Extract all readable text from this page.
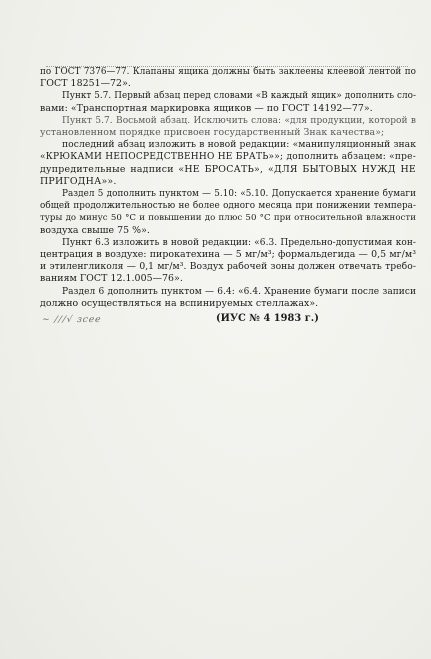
по ГОСТ 7376—77. Клапаны ящика должны быть заклеены клеевой лентой по
ГОСТ 18251—72».
Пункт 5.7. Первый абзац перед словами «В каждый ящик» дополнить сло-
вами: «Транспортная маркировка ящиков — по ГОСТ 14192—77».
Пункт 5.7. Восьмой абзац. Исключить слова: «для продукции, которой в
установленном порядке присвоен государственный Знак качества»;
последний абзац изложить в новой редакции: «манипуляционный знак
«КРЮКАМИ НЕПОСРЕДСТВЕННО НЕ БРАТЬ»»; дополнить абзацем: «пре-
дупредительные надписи «НЕ БРОСАТЬ», «ДЛЯ БЫТОВЫХ НУЖД НЕ
ПРИГОДНА»».
Раздел 5 дополнить пунктом — 5.10: «5.10. Допускается хранение бумаги
общей продолжительностью не более одного месяца при понижении темпера-
туры до минус 50 °С и повышении до плюс 50 °С при относительной влажности
воздуха свыше 75 %».
Пункт 6.3 изложить в новой редакции: «6.3. Предельно-допустимая кон-
центрация в воздухе: пирокатехина — 5 мг/м³; формальдегида — 0,5 мг/м³
и этиленгликоля — 0,1 мг/м³. Воздух рабочей зоны должен отвечать требо-
ваниям ГОСТ 12.1.005—76».
Раздел 6 дополнить пунктом — 6.4: «6.4. Хранение бумаги после записи
должно осуществляться на вспинируемых стеллажах».
~ ∕∕∕√ ɜcee	(ИУС № 4 1983 г.)
